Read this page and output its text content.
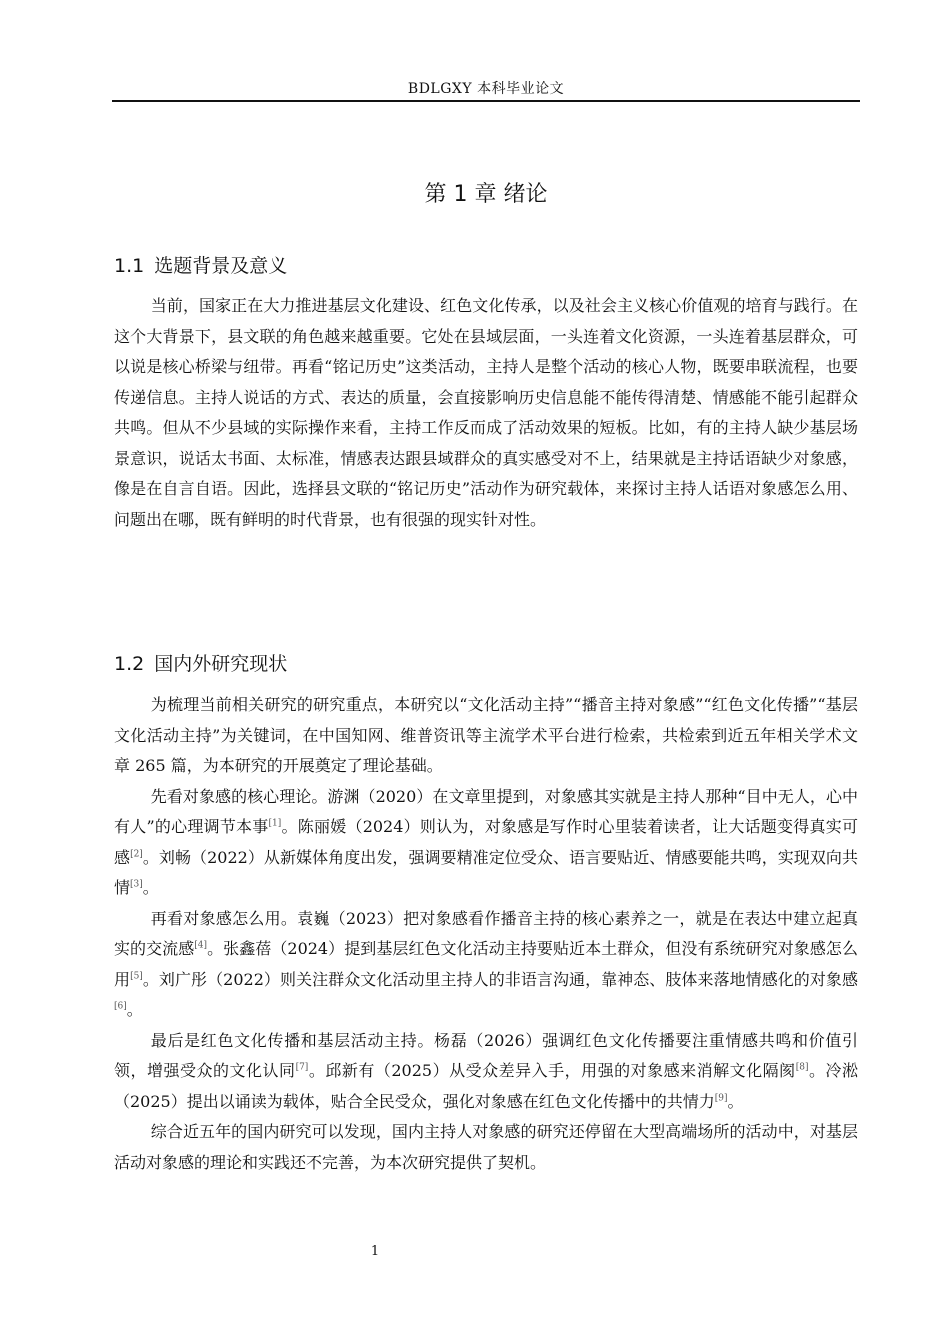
BDLGXY 本科毕业论文
第 1 章 绪论
1.1 选题背景及意义

当前，国家正在大力推进基层文化建设、红色文化传承，以及社会主义核心价值观的培育与践行。在这个大背景下，县文联的角色越来越重要。它处在县域层面，一头连着文化资源，一头连着基层群众，可以说是核心桥梁与纽带。再看“铭记历史”这类活动，主持人是整个活动的核心人物，既要串联流程，也要传递信息。主持人说话的方式、表达的质量，会直接影响历史信息能不能传得清楚、情感能不能引起群众共鸣。但从不少县域的实际操作来看，主持工作反而成了活动效果的短板。比如，有的主持人缺少基层场景意识，说话太书面、太标准，情感表达跟县域群众的真实感受对不上，结果就是主持话语缺少对象感，像是在自言自语。因此，选择县文联的“铭记历史”活动作为研究载体，来探讨主持人话语对象感怎么用、问题出在哪，既有鲜明的时代背景，也有很强的现实针对性。

1.2 国内外研究现状

为梳理当前相关研究的研究重点，本研究以“文化活动主持”“播音主持对象感”“红色文化传播”“基层文化活动主持”为关键词，在中国知网、维普资讯等主流学术平台进行检索，共检索到近五年相关学术文章 265 篇，为本研究的开展奠定了理论基础。

先看对象感的核心理论。游渊（2020）在文章里提到，对象感其实就是主持人那种“目中无人，心中有人”的心理调节本事[1]。陈丽媛（2024）则认为，对象感是写作时心里装着读者，让大话题变得真实可感[2]。刘畅（2022）从新媒体角度出发，强调要精准定位受众、语言要贴近、情感要能共鸣，实现双向共情[3]。

再看对象感怎么用。袁巍（2023）把对象感看作播音主持的核心素养之一，就是在表达中建立起真实的交流感[4]。张鑫蓓（2024）提到基层红色文化活动主持要贴近本土群众，但没有系统研究对象感怎么用[5]。刘广彤（2022）则关注群众文化活动里主持人的非语言沟通，靠神态、肢体来落地情感化的对象感[6]。

最后是红色文化传播和基层活动主持。杨磊（2026）强调红色文化传播要注重情感共鸣和价值引领，增强受众的文化认同[7]。邱新有（2025）从受众差异入手，用强的对象感来消解文化隔阂[8]。冷淞（2025）提出以诵读为载体，贴合全民受众，强化对象感在红色文化传播中的共情力[9]。

综合近五年的国内研究可以发现，国内主持人对象感的研究还停留在大型高端场所的活动中，对基层活动对象感的理论和实践还不完善，为本次研究提供了契机。

1
